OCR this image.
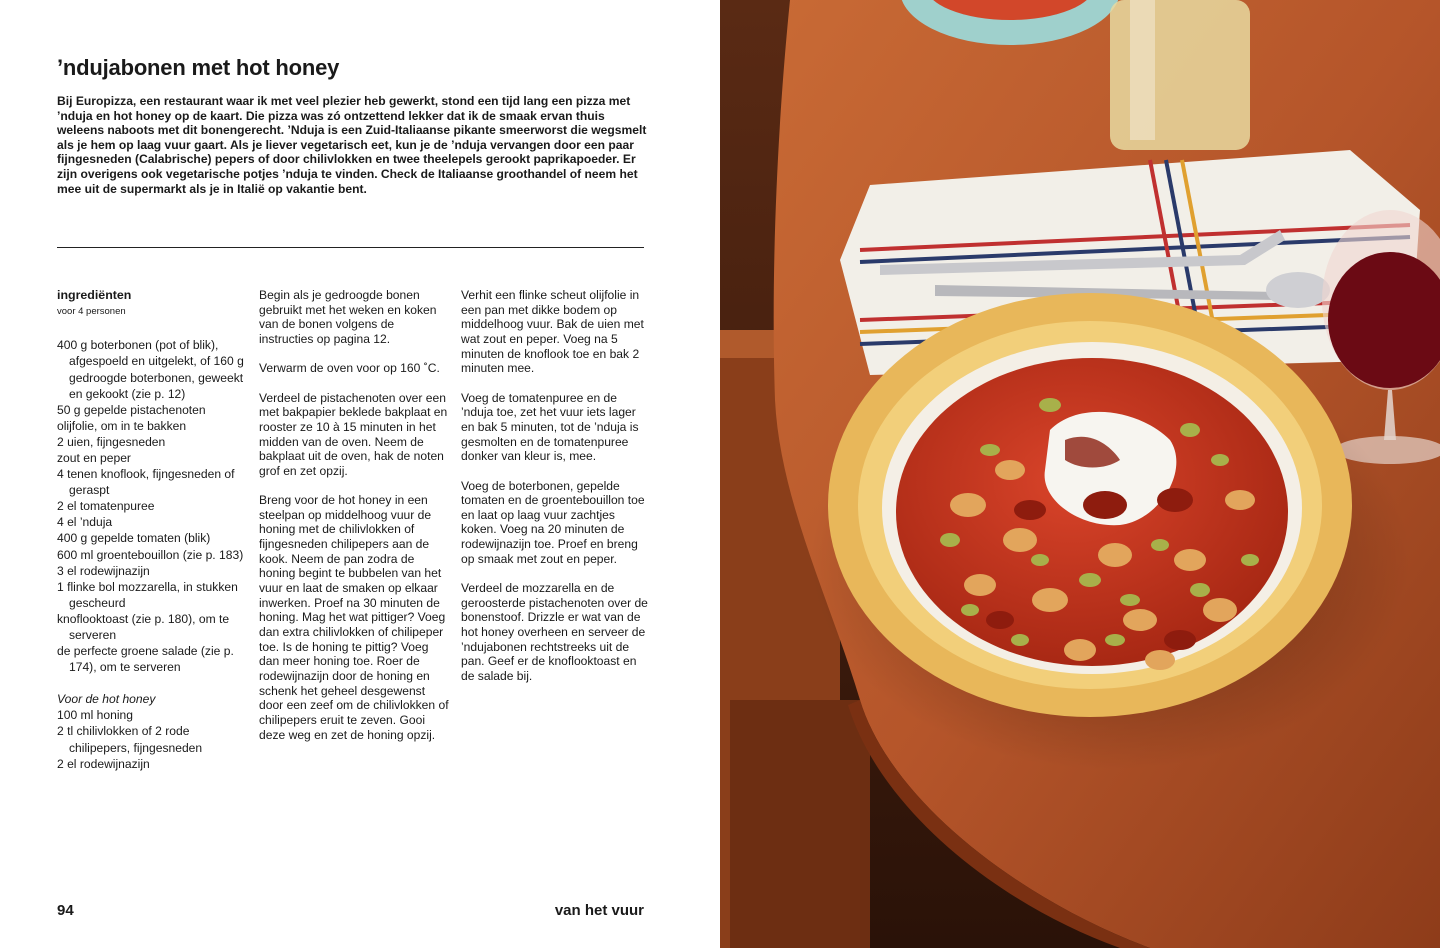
’ndujabonen met hot honey

Bij Europizza, een restaurant waar ik met veel plezier heb gewerkt, stond een tijd lang een pizza met ’nduja en hot honey op de kaart. Die pizza was zó ontzettend lekker dat ik de smaak ervan thuis weleens naboots met dit bonengerecht. ’Nduja is een Zuid-Italiaanse pikante smeerworst die wegsmelt als je hem op laag vuur gaart. Als je liever vegetarisch eet, kun je de ’nduja vervangen door een paar fijngesneden (Calabrische) pepers of door chilivlokken en twee theelepels gerookt paprikapoeder. Er zijn overigens ook vegetarische potjes ’nduja te vinden. Check de Italiaanse groothandel of neem het mee uit de supermarkt als je in Italië op vakantie bent.

ingrediënten
voor 4 personen
400 g boterbonen (pot of blik), afgespoeld en uitgelekt, of 160 g gedroogde boterbonen, geweekt en gekookt (zie p. 12)
50 g gepelde pistachenoten
olijfolie, om in te bakken
2 uien, fijngesneden
zout en peper
4 tenen knoflook, fijngesneden of geraspt
2 el tomatenpuree
4 el ’nduja
400 g gepelde tomaten (blik)
600 ml groentebouillon (zie p. 183)
3 el rodewijnazijn
1 flinke bol mozzarella, in stukken gescheurd
knoflooktoast (zie p. 180), om te serveren
de perfecte groene salade (zie p. 174), om te serveren
Voor de hot honey
100 ml honing
2 tl chilivlokken of 2 rode chilipepers, fijngesneden
2 el rodewijnazijn

Begin als je gedroogde bonen gebruikt met het weken en koken van de bonen volgens de instructies op pagina 12.

Verwarm de oven voor op 160 ˚C.

Verdeel de pistachenoten over een met bakpapier beklede bakplaat en rooster ze 10 à 15 minuten in het midden van de oven. Neem de bakplaat uit de oven, hak de noten grof en zet opzij.

Breng voor de hot honey in een steelpan op middelhoog vuur de honing met de chilivlokken of fijngesneden chilipepers aan de kook. Neem de pan zodra de honing begint te bubbelen van het vuur en laat de smaken op elkaar inwerken. Proef na 30 minuten de honing. Mag het wat pittiger? Voeg dan extra chilivlokken of chilipeper toe. Is de honing te pittig? Voeg dan meer honing toe. Roer de rodewijnazijn door de honing en schenk het geheel desgewenst door een zeef om de chilivlokken of chilipepers eruit te zeven. Gooi deze weg en zet de honing opzij.

Verhit een flinke scheut olijfolie in een pan met dikke bodem op middelhoog vuur. Bak de uien met wat zout en peper. Voeg na 5 minuten de knoflook toe en bak 2 minuten mee.

Voeg de tomatenpuree en de ’nduja toe, zet het vuur iets lager en bak 5 minuten, tot de ’nduja is gesmolten en de tomatenpuree donker van kleur is, mee.

Voeg de boterbonen, gepelde tomaten en de groentebouillon toe en laat op laag vuur zachtjes koken. Voeg na 20 minuten de rodewijnazijn toe. Proef en breng op smaak met zout en peper.

Verdeel de mozzarella en de geroosterde pistachenoten over de bonenstoof. Drizzle er wat van de hot honey overheen en serveer de ’ndujabonen rechtstreeks uit de pan. Geef er de knoflooktoast en de salade bij.

94	van het vuur
